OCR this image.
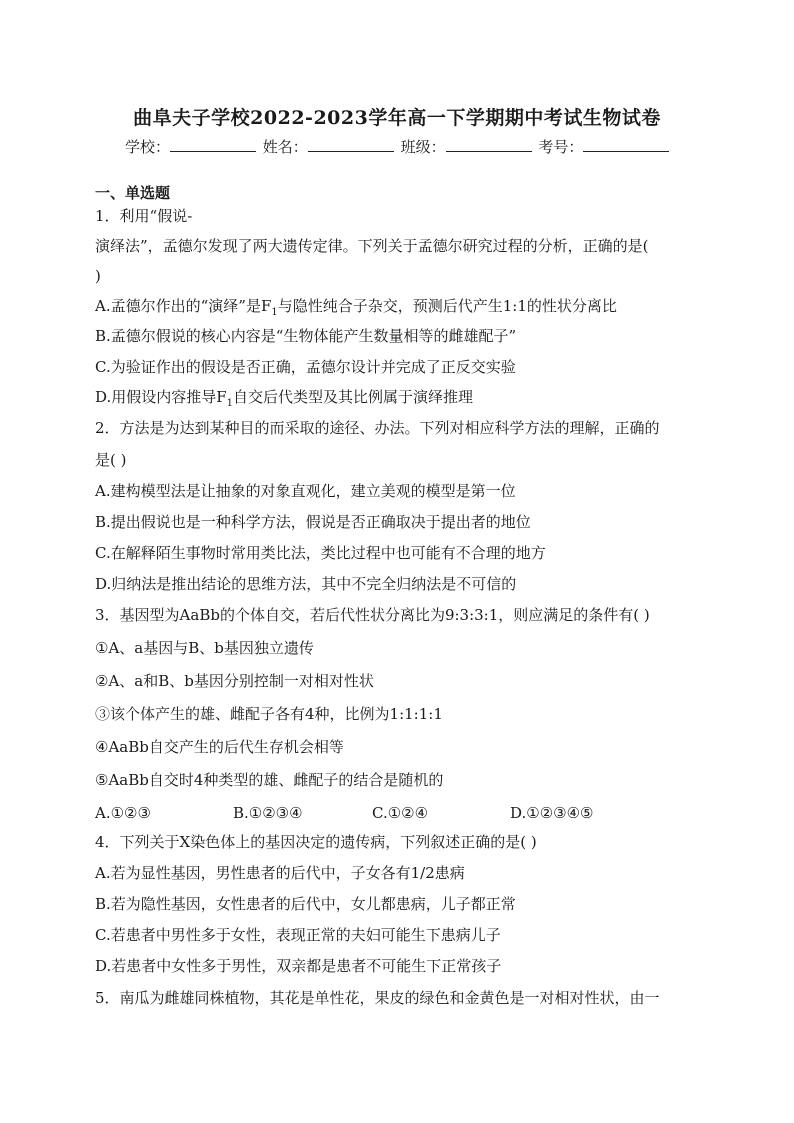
曲阜夫子学校2022-2023学年高一下学期期中考试生物试卷
学校：	姓名：	班级：	考号：
一、单选题
1．利用“假说-
演绎法”，孟德尔发现了两大遗传定律。下列关于孟德尔研究过程的分析，正确的是(
)
A.孟德尔作出的“演绎”是$F_1$与隐性纯合子杂交，预测后代产生1:1的性状分离比
B.孟德尔假说的核心内容是“生物体能产生数量相等的雌雄配子”
C.为验证作出的假设是否正确，孟德尔设计并完成了正反交实验
D.用假设内容推导$F_1$自交后代类型及其比例属于演绎推理
2．方法是为达到某种目的而采取的途径、办法。下列对相应科学方法的理解，正确的
是( )
A.建构模型法是让抽象的对象直观化，建立美观的模型是第一位
B.提出假说也是一种科学方法，假说是否正确取决于提出者的地位
C.在解释陌生事物时常用类比法，类比过程中也可能有不合理的地方
D.归纳法是推出结论的思维方法，其中不完全归纳法是不可信的
3．基因型为AaBb的个体自交，若后代性状分离比为9:3:3:1，则应满足的条件有( )
①A、a基因与B、b基因独立遗传
②A、a和B、b基因分别控制一对相对性状
③该个体产生的雄、雌配子各有4种，比例为1:1:1:1
④AaBb自交产生的后代生存机会相等
⑤AaBb自交时4种类型的雄、雌配子的结合是随机的
A.①②③	B.①②③④	C.①②④	D.①②③④⑤
4．下列关于X染色体上的基因决定的遗传病，下列叙述正确的是( )
A.若为显性基因，男性患者的后代中，子女各有1/2患病
B.若为隐性基因，女性患者的后代中，女儿都患病，儿子都正常
C.若患者中男性多于女性，表现正常的夫妇可能生下患病儿子
D.若患者中女性多于男性，双亲都是患者不可能生下正常孩子
5．南瓜为雌雄同株植物，其花是单性花，果皮的绿色和金黄色是一对相对性状，由一
